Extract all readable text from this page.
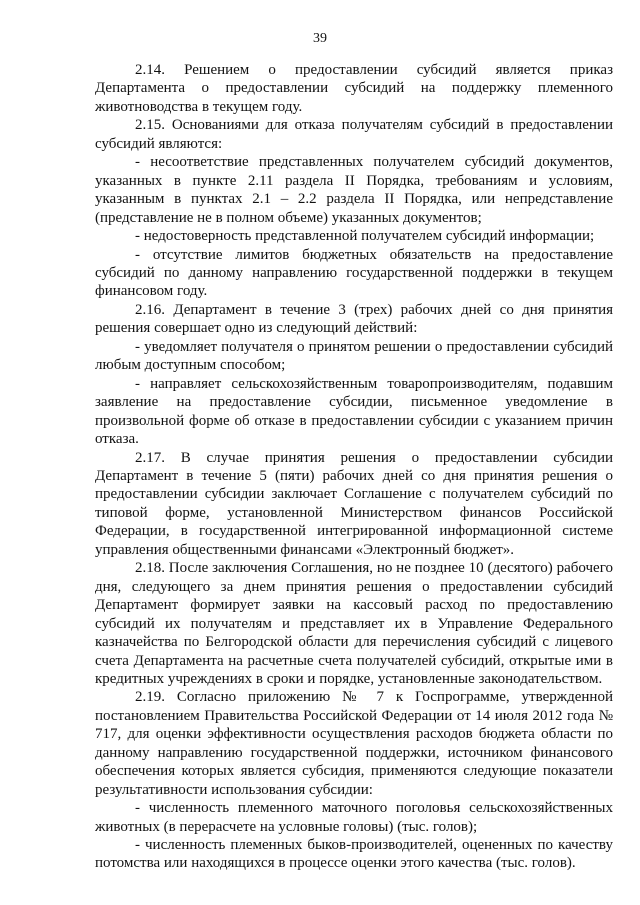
39

2.14. Решением о предоставлении субсидий является приказ Департамента о предоставлении субсидий на поддержку племенного животноводства в текущем году.

2.15. Основаниями для отказа получателям субсидий в предоставлении субсидий являются:

- несоответствие представленных получателем субсидий документов, указанных в пункте 2.11 раздела II Порядка, требованиям и условиям, указанным в пунктах 2.1 – 2.2 раздела II Порядка, или непредставление (представление не в полном объеме) указанных документов;

- недостоверность представленной получателем субсидий информации;

- отсутствие лимитов бюджетных обязательств на предоставление субсидий по данному направлению государственной поддержки в текущем финансовом году.

2.16. Департамент в течение 3 (трех) рабочих дней со дня принятия решения совершает одно из следующий действий:

- уведомляет получателя о принятом решении о предоставлении субсидий любым доступным способом;

- направляет сельскохозяйственным товаропроизводителям, подавшим заявление на предоставление субсидии, письменное уведомление в произвольной форме об отказе в предоставлении субсидии с указанием причин отказа.

2.17. В случае принятия решения о предоставлении субсидии Департамент в течение 5 (пяти) рабочих дней со дня принятия решения о предоставлении субсидии заключает Соглашение с получателем субсидий по типовой форме, установленной Министерством финансов Российской Федерации, в государственной интегрированной информационной системе управления общественными финансами «Электронный бюджет».

2.18. После заключения Соглашения, но не позднее 10 (десятого) рабочего дня, следующего за днем принятия решения о предоставлении субсидий Департамент формирует заявки на кассовый расход по предоставлению субсидий их получателям и представляет их в Управление Федерального казначейства по Белгородской области для перечисления субсидий с лицевого счета Департамента на расчетные счета получателей субсидий, открытые ими в кредитных учреждениях в сроки и порядке, установленные законодательством.

2.19. Согласно приложению № 7 к Госпрограмме, утвержденной постановлением Правительства Российской Федерации от 14 июля 2012 года № 717, для оценки эффективности осуществления расходов бюджета области по данному направлению государственной поддержки, источником финансового обеспечения которых является субсидия, применяются следующие показатели результативности использования субсидии:

- численность племенного маточного поголовья сельскохозяйственных животных (в перерасчете на условные головы) (тыс. голов);

- численность племенных быков-производителей, оцененных по качеству потомства или находящихся в процессе оценки этого качества (тыс. голов).
